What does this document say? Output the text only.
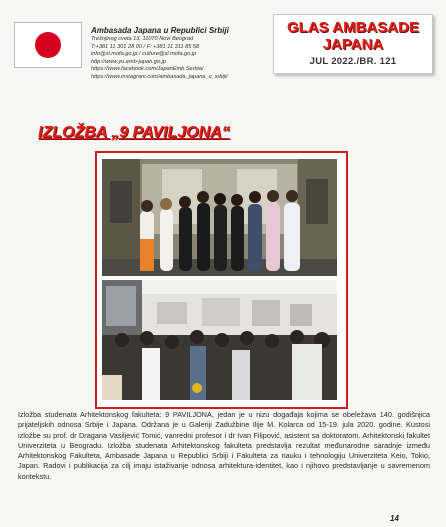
Ambasada Japana u Republici Srbiji
Trešnjinog cveta 13, 11070 Novi Beograd
T:+381 11 301 28 00 / F: +381 11 311 85 58
info@sl.mofa.go.jp / culture@sl.mofa.go.jp
http://www.yu.emb-japan.go.jp
https://www.facebook.com/JapanEmb.Serbia/
https://www.instagram.com/ambasada_japana_u_srbiji/
GLAS AMBASADE
JAPANA
JUL 2022./BR. 121
IZLOŽBA „9 PAVILJONA“
Izložba studenata Arhitektonskog fakulteta: 9 PAVILJONA, jedan je u nizu događaja kojima se obeležava 140. godišnjica prijateljskih odnosa Srbije i Japana. Održana je u Galeriji Zadužbine Ilije M. Kolarca od 15-19. jula 2020. godine. Kustosi izložbe su prof. dr Dragana Vasiljević Tomić, vanredni profesor i dr Ivan Filipović, asistent sa doktoratom. Arhitektonski fakultet Univerziteta u Beogradu. Izložba studenata Arhitektonskog fakulteta predstavlja rezultat međunarodne saradnje između Arhitektonskog Fakulteta, Ambasade Japana u Republici Srbiji i Fakulteta za nauku i tehnologiju Univerziteta Keio, Tokio, Japan. Radovi i publikacija za cilj imaju istaživanje odnosa arhitektura-identitet, kao i njihovo predstavljanje u savremenom kontekstu.
14
